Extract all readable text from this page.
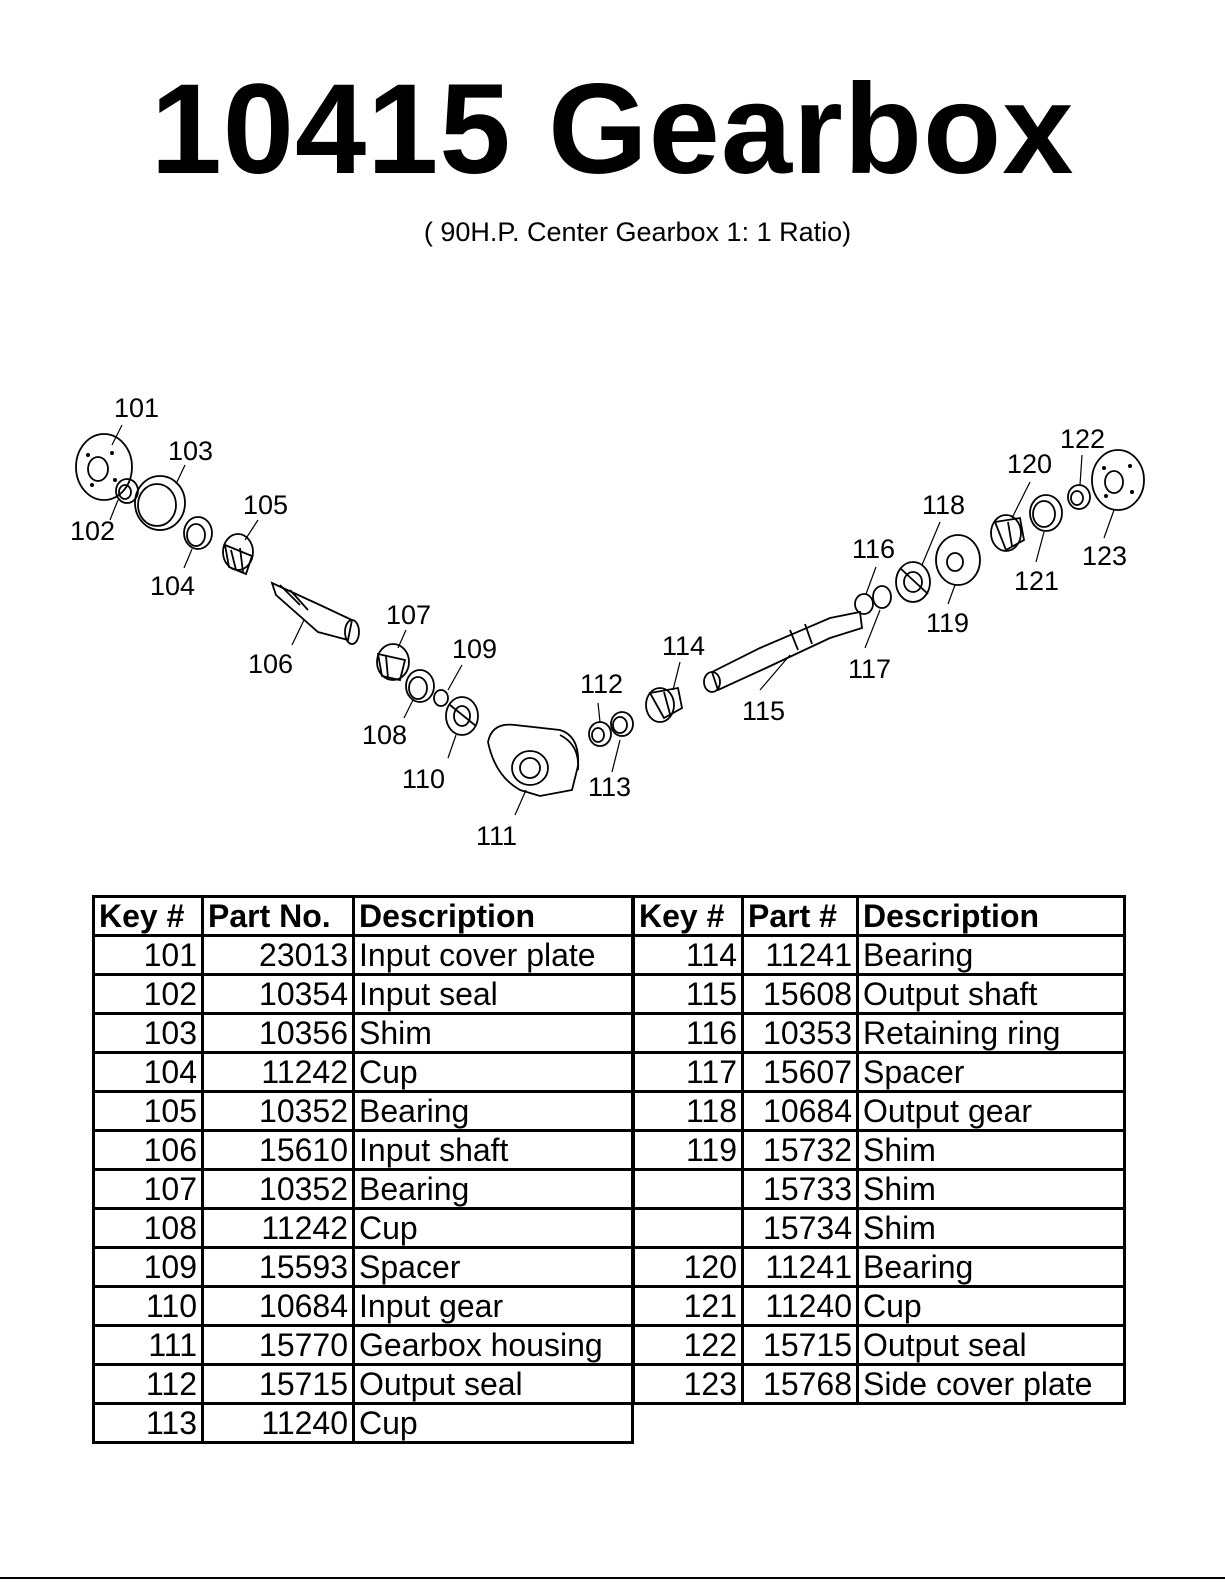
10415 Gearbox
( 90H.P. Center Gearbox 1: 1 Ratio)
101
102
103
104
105
106
107
108
109
110
111
112
113
114
115
116
117
118
119
120
121
122
123
Key #	Part No.	Description
101	23013	Input cover plate
102	10354	Input seal
103	10356	Shim
104	11242	Cup
105	10352	Bearing
106	15610	Input shaft
107	10352	Bearing
108	11242	Cup
109	15593	Spacer
110	10684	Input gear
111	15770	Gearbox housing
112	15715	Output seal
113	11240	Cup
Key #	Part #	Description
114	11241	Bearing
115	15608	Output shaft
116	10353	Retaining ring
117	15607	Spacer
118	10684	Output gear
119	15732	Shim
	15733	Shim
	15734	Shim
120	11241	Bearing
121	11240	Cup
122	15715	Output seal
123	15768	Side cover plate
